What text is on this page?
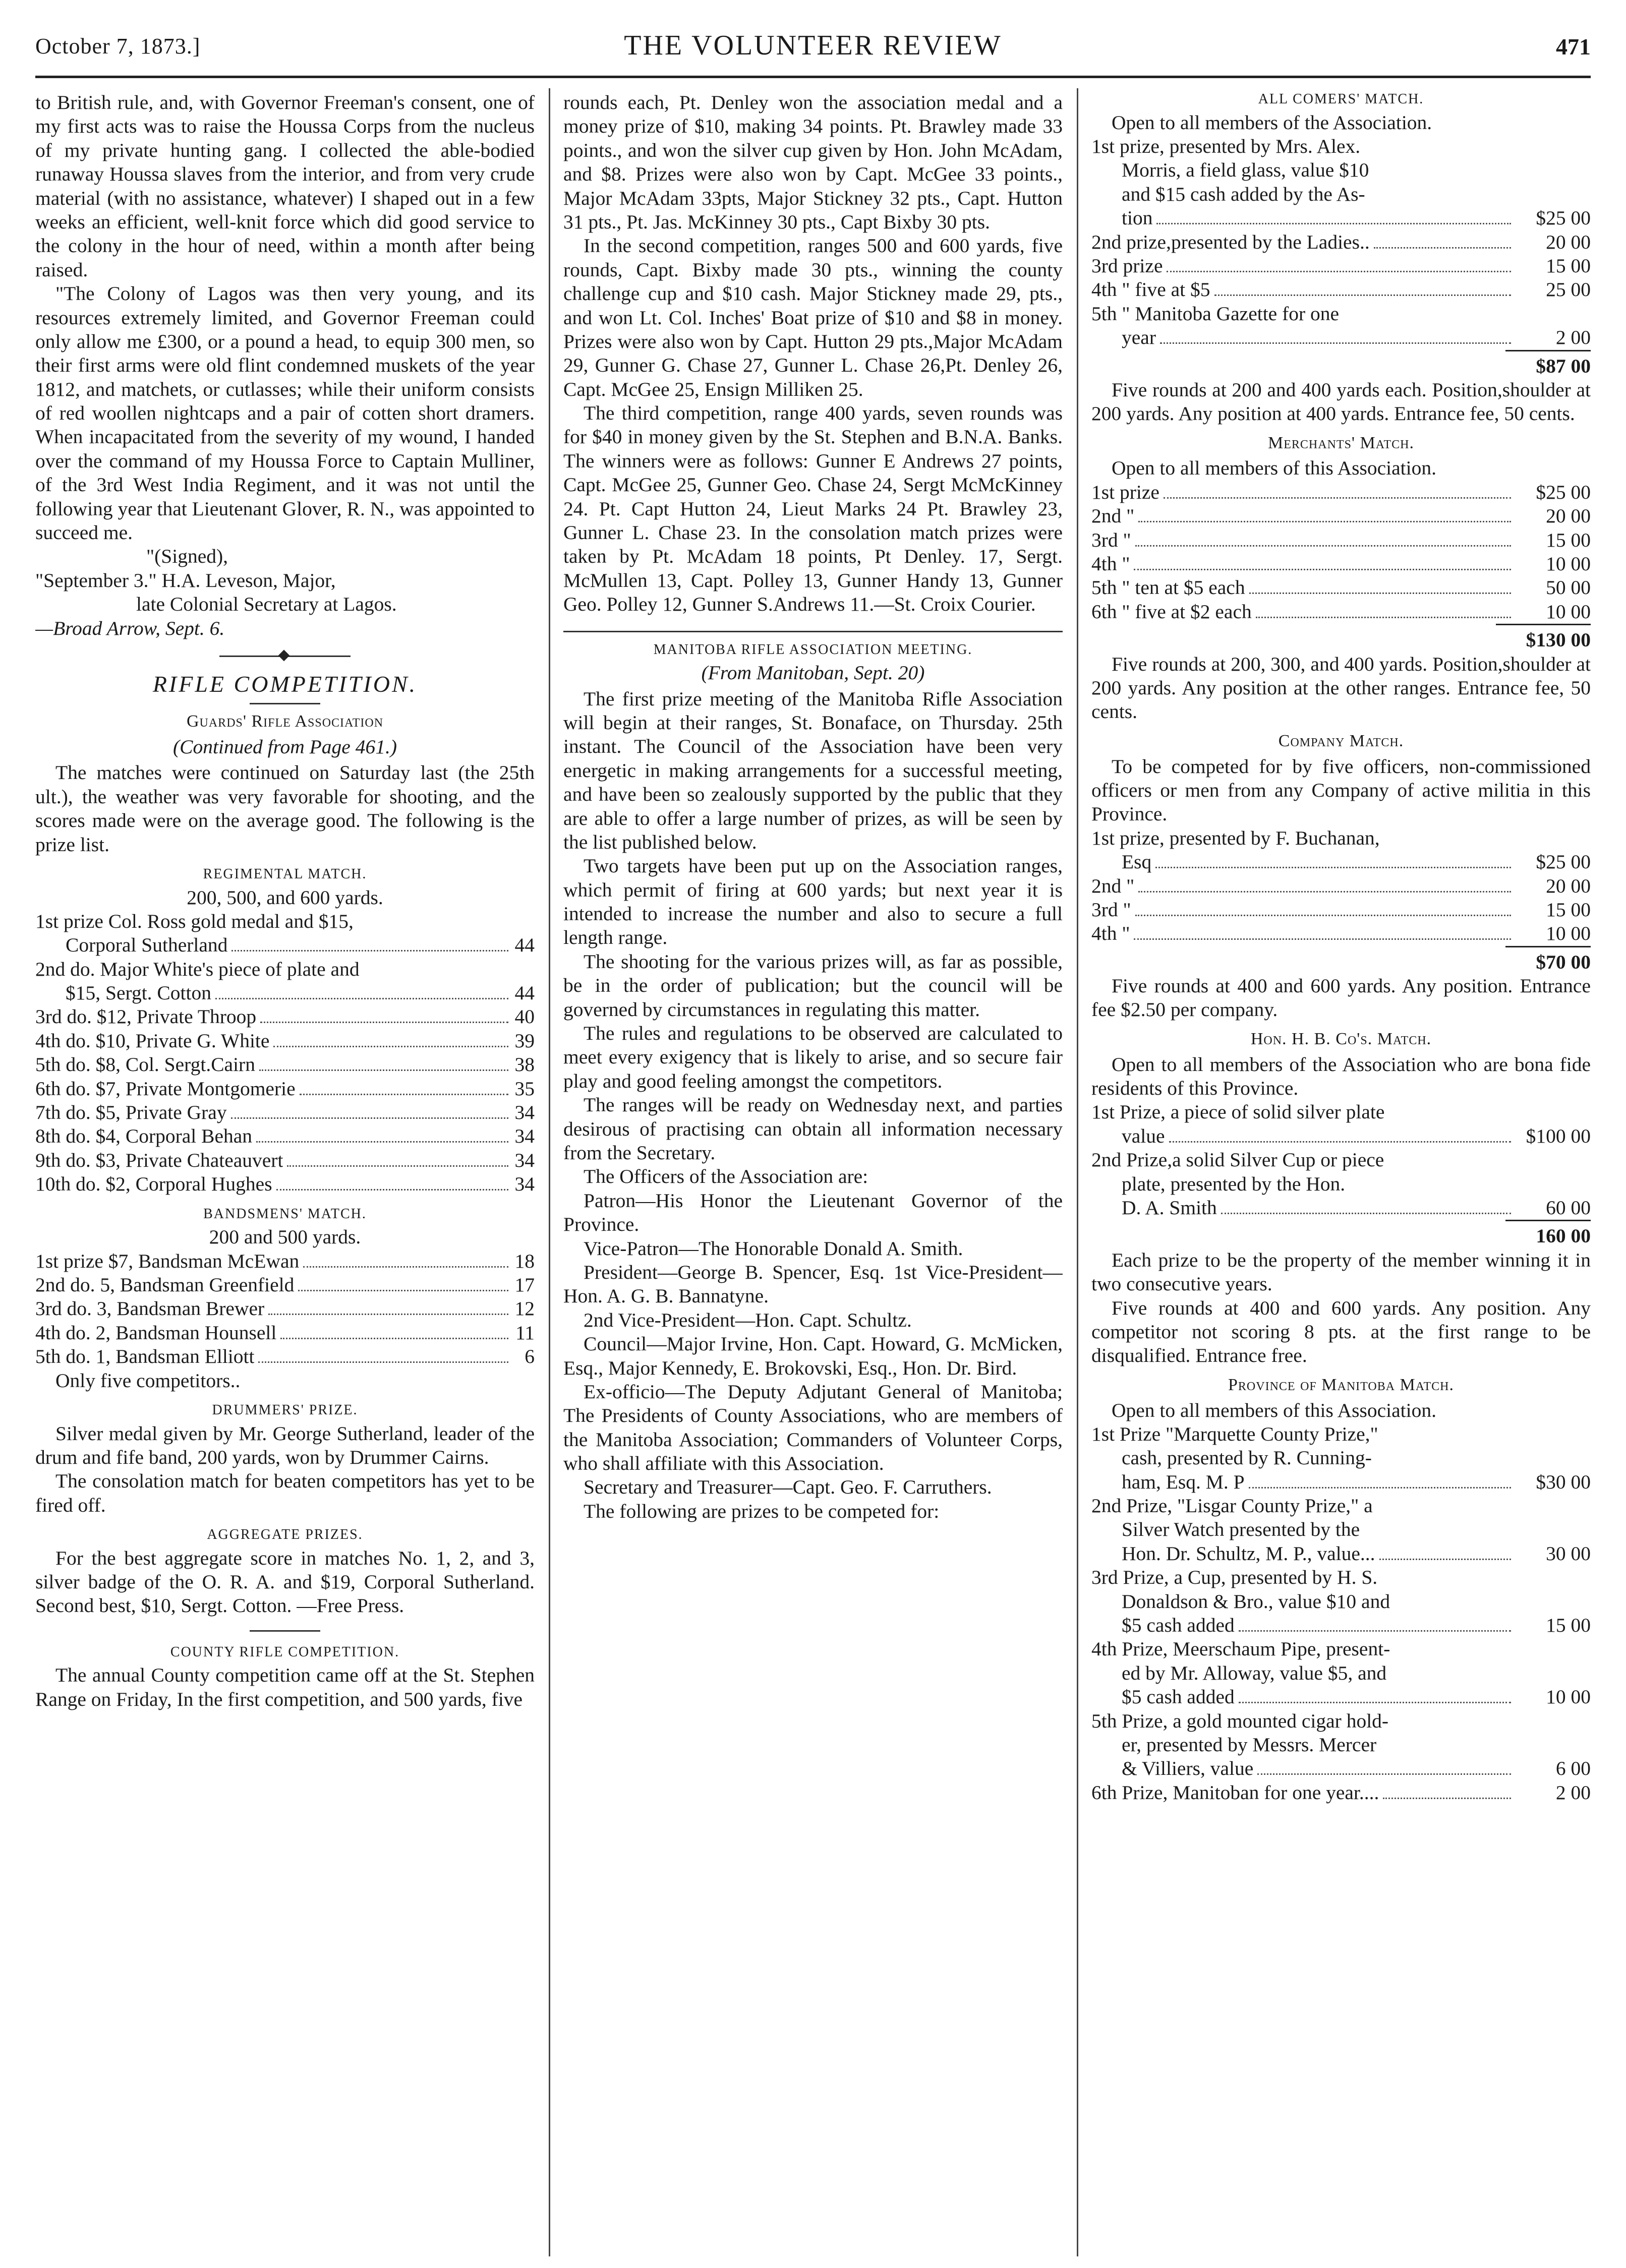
October 7, 1873.]	THE VOLUNTEER REVIEW	471

to British rule, and, with Governor Freeman's consent, one of my first acts was to raise the Houssa Corps from the nucleus of my private hunting gang. I collected the able-bodied runaway Houssa slaves from the interior, and from very crude material (with no assistance, whatever) I shaped out in a few weeks an efficient, well-knit force which did good service to the colony in the hour of need, within a month after being raised.

"The Colony of Lagos was then very young, and its resources extremely limited, and Governor Freeman could only allow me £300, or a pound a head, to equip 300 men, so their first arms were old flint condemned muskets of the year 1812, and matchets, or cutlasses; while their uniform consists of red woollen nightcaps and a pair of cotten short dramers. When incapacitated from the severity of my wound, I handed over the command of my Houssa Force to Captain Mulliner, of the 3rd West India Regiment, and it was not until the following year that Lieutenant Glover, R. N., was appointed to succeed me.

"(Signed),

"September 3." H.A. Leveson, Major,

late Colonial Secretary at Lagos.

—Broad Arrow, Sept. 6.

RIFLE COMPETITION.
Guards' Rifle Association

(Continued from Page 461.)

The matches were continued on Saturday last (the 25th ult.), the weather was very favorable for shooting, and the scores made were on the average good. The following is the prize list.

REGIMENTAL MATCH.

200, 500, and 600 yards.

1st prize Col. Ross gold medal and $15,
Corporal Sutherland	44
2nd do. Major White's piece of plate and
$15, Sergt. Cotton	44
3rd do. $12, Private Throop	40
4th do. $10, Private G. White	39
5th do. $8, Col. Sergt.Cairn	38
6th do. $7, Private Montgomerie	35
7th do. $5, Private Gray	34
8th do. $4, Corporal Behan	34
9th do. $3, Private Chateauvert	34
10th do. $2, Corporal Hughes	34
BANDSMENS' MATCH.

200 and 500 yards.

1st prize $7, Bandsman McEwan	18
2nd do. 5, Bandsman Greenfield	17
3rd do. 3, Bandsman Brewer	12
4th do. 2, Bandsman Hounsell	11
5th do. 1, Bandsman Elliott	6

Only five competitors..

DRUMMERS' PRIZE.

Silver medal given by Mr. George Sutherland, leader of the drum and fife band, 200 yards, won by Drummer Cairns.

The consolation match for beaten competitors has yet to be fired off.

AGGREGATE PRIZES.

For the best aggregate score in matches No. 1, 2, and 3, silver badge of the O. R. A. and $19, Corporal Sutherland. Second best, $10, Sergt. Cotton. —Free Press.

COUNTY RIFLE COMPETITION.

The annual County competition came off at the St. Stephen Range on Friday, In the first competition, and 500 yards, five

rounds each, Pt. Denley won the association medal and a money prize of $10, making 34 points. Pt. Brawley made 33 points., and won the silver cup given by Hon. John McAdam, and $8. Prizes were also won by Capt. McGee 33 points., Major McAdam 33pts, Major Stickney 32 pts., Capt. Hutton 31 pts., Pt. Jas. McKinney 30 pts., Capt Bixby 30 pts.

In the second competition, ranges 500 and 600 yards, five rounds, Capt. Bixby made 30 pts., winning the county challenge cup and $10 cash. Major Stickney made 29, pts., and won Lt. Col. Inches' Boat prize of $10 and $8 in money. Prizes were also won by Capt. Hutton 29 pts.,Major McAdam 29, Gunner G. Chase 27, Gunner L. Chase 26,Pt. Denley 26, Capt. McGee 25, Ensign Milliken 25.

The third competition, range 400 yards, seven rounds was for $40 in money given by the St. Stephen and B.N.A. Banks. The winners were as follows: Gunner E Andrews 27 points, Capt. McGee 25, Gunner Geo. Chase 24, Sergt McMcKinney 24. Pt. Capt Hutton 24, Lieut Marks 24 Pt. Brawley 23, Gunner L. Chase 23. In the consolation match prizes were taken by Pt. McAdam 18 points, Pt Denley. 17, Sergt. McMullen 13, Capt. Polley 13, Gunner Handy 13, Gunner Geo. Polley 12, Gunner S.Andrews 11.—St. Croix Courier.

MANITOBA RIFLE ASSOCIATION MEETING.

(From Manitoban, Sept. 20)

The first prize meeting of the Manitoba Rifle Association will begin at their ranges, St. Bonaface, on Thursday. 25th instant. The Council of the Association have been very energetic in making arrangements for a successful meeting, and have been so zealously supported by the public that they are able to offer a large number of prizes, as will be seen by the list published below.

Two targets have been put up on the Association ranges, which permit of firing at 600 yards; but next year it is intended to increase the number and also to secure a full length range.

The shooting for the various prizes will, as far as possible, be in the order of publication; but the council will be governed by circumstances in regulating this matter.

The rules and regulations to be observed are calculated to meet every exigency that is likely to arise, and so secure fair play and good feeling amongst the competitors.

The ranges will be ready on Wednesday next, and parties desirous of practising can obtain all information necessary from the Secretary.

The Officers of the Association are:

Patron—His Honor the Lieutenant Governor of the Province.

Vice-Patron—The Honorable Donald A. Smith.

President—George B. Spencer, Esq. 1st Vice-President—Hon. A. G. B. Bannatyne.

2nd Vice-President—Hon. Capt. Schultz.

Council—Major Irvine, Hon. Capt. Howard, G. McMicken, Esq., Major Kennedy, E. Brokovski, Esq., Hon. Dr. Bird.

Ex-officio—The Deputy Adjutant General of Manitoba; The Presidents of County Associations, who are members of the Manitoba Association; Commanders of Volunteer Corps, who shall affiliate with this Association.

Secretary and Treasurer—Capt. Geo. F. Carruthers.

The following are prizes to be competed for:

ALL COMERS' MATCH.

Open to all members of the Association.

1st prize, presented by Mrs. Alex.
Morris, a field glass, value $10
and $15 cash added by the As-
tion	$25 00
2nd prize,presented by the Ladies..	20 00
3rd prize	15 00
4th " five at $5	25 00
5th " Manitoba Gazette for one
year	2 00
$87 00

Five rounds at 200 and 400 yards each. Position,shoulder at 200 yards. Any position at 400 yards. Entrance fee, 50 cents.

Merchants' Match.

Open to all members of this Association.

1st prize	$25 00
2nd "	20 00
3rd "	15 00
4th "	10 00
5th " ten at $5 each	50 00
6th " five at $2 each	10 00
$130 00

Five rounds at 200, 300, and 400 yards. Position,shoulder at 200 yards. Any position at the other ranges. Entrance fee, 50 cents.

Company Match.

To be competed for by five officers, non-commissioned officers or men from any Company of active militia in this Province.

1st prize, presented by F. Buchanan,
Esq	$25 00
2nd "	20 00
3rd "	15 00
4th "	10 00
$70 00

Five rounds at 400 and 600 yards. Any position. Entrance fee $2.50 per company.

Hon. H. B. Co's. Match.

Open to all members of the Association who are bona fide residents of this Province.

1st Prize, a piece of solid silver plate
value	$100 00
2nd Prize,a solid Silver Cup or piece
plate, presented by the Hon.
D. A. Smith	60 00
160 00

Each prize to be the property of the member winning it in two consecutive years.

Five rounds at 400 and 600 yards. Any position. Any competitor not scoring 8 pts. at the first range to be disqualified. Entrance free.

Province of Manitoba Match.

Open to all members of this Association.

1st Prize "Marquette County Prize,"
cash, presented by R. Cunning-
ham, Esq. M. P	$30 00
2nd Prize, "Lisgar County Prize," a
Silver Watch presented by the
Hon. Dr. Schultz, M. P., value...	30 00
3rd Prize, a Cup, presented by H. S.
Donaldson & Bro., value $10 and
$5 cash added	15 00
4th Prize, Meerschaum Pipe, present-
ed by Mr. Alloway, value $5, and
$5 cash added	10 00
5th Prize, a gold mounted cigar hold-
er, presented by Messrs. Mercer
& Villiers, value	6 00
6th Prize, Manitoban for one year....	2 00
